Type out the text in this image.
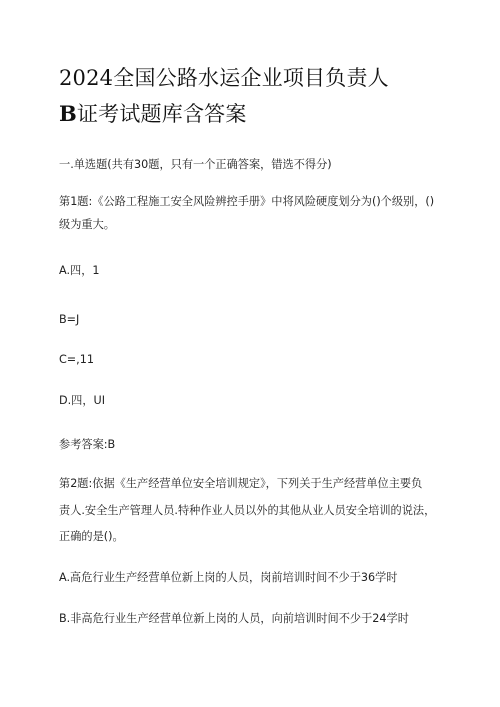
2024全国公路水运企业项目负责人
B证考试题库含答案
一.单选题(共有30题，只有一个正确答案，错选不得分)
第1题:《公路工程施工安全风险辨控手册》中将风险硬度划分为()个级别，()
级为重大。
A.四，1
B=J
C=,11
D.四，UI
参考答案:B
第2题:依据《生产经营单位安全培训规定》，下列关于生产经营单位主要负
责人.安全生产管理人员.特种作业人员以外的其他从业人员安全培训的说法，
正确的是()。
A.高危行业生产经营单位新上岗的人员，岗前培训时间不少于36学时
B.非高危行业生产经营单位新上岗的人员，向前培训时间不少于24学时
